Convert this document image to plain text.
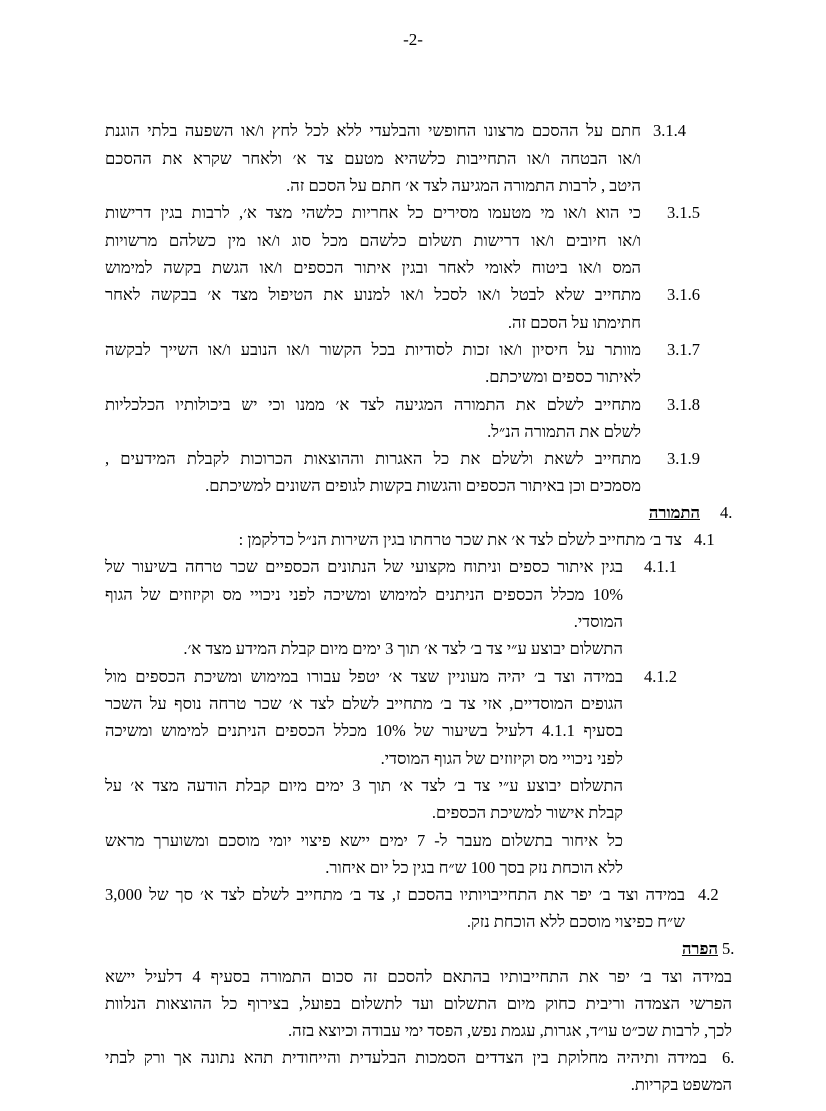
-2-
3.1.4
חתם על ההסכם מרצונו החופשי והבלעדי ללא לכל לחץ ו/או השפעה בלתי הוגנת
ו/או הבטחה ו/או התחייבות כלשהיא מטעם צד א׳ ולאחר שקרא את ההסכם
היטב , לרבות התמורה המגיעה לצד א׳ חתם על הסכם זה.
3.1.5
כי הוא ו/או מי מטעמו מסירים כל אחריות כלשהי מצד א׳, לרבות בגין דרישות
ו/או חיובים ו/או דרישות תשלום כלשהם מכל סוג ו/או מין כשלהם מרשויות
המס ו/או ביטוח לאומי לאחר ובגין איתור הכספים ו/או הגשת בקשה למימוש
3.1.6
מתחייב שלא לבטל ו/או לסכל ו/או למנוע את הטיפול מצד א׳ בבקשה לאחר
חתימתו על הסכם זה.
3.1.7
מוותר על חיסיון ו/או זכות לסודיות בכל הקשור ו/או הנובע ו/או השייך לבקשה
לאיתור כספים ומשיכתם.
3.1.8
מתחייב לשלם את התמורה המגיעה לצד א׳ ממנו וכי יש ביכולותיו הכלכליות
לשלם את התמורה הנ״ל.
3.1.9
מתחייב לשאת ולשלם את כל האגרות וההוצאות הכרוכות לקבלת המידעים ,
מסמכים וכן באיתור הכספים והגשות בקשות לגופים השונים למשיכתם.
4.
התמורה
4.1
צד ב׳ מתחייב לשלם לצד א׳ את שכר טרחתו בגין השירות הנ״ל כדלקמן :
4.1.1
בגין איתור כספים וניתוח מקצועי של הנתונים הכספיים שכר טרחה בשיעור של
10% מכלל הכספים הניתנים למימוש ומשיכה לפני ניכויי מס וקיזוזים של הגוף
המוסדי.
התשלום יבוצע ע״י צד ב׳ לצד א׳ תוך 3 ימים מיום קבלת המידע מצד א׳.
4.1.2
במידה וצד ב׳ יהיה מעוניין שצד א׳ יטפל עבורו במימוש ומשיכת הכספים מול
הגופים המוסדיים, אזי צד ב׳ מתחייב לשלם לצד א׳ שכר טרחה נוסף על השכר
בסעיף 4.1.1 דלעיל בשיעור של 10% מכלל הכספים הניתנים למימוש ומשיכה
לפני ניכויי מס וקיזוזים של הגוף המוסדי.
התשלום יבוצע ע״י צד ב׳ לצד א׳ תוך 3 ימים מיום קבלת הודעה מצד א׳ על
קבלת אישור למשיכת הכספים.
כל איחור בתשלום מעבר ל- 7 ימים יישא פיצוי יומי מוסכם ומשוערך מראש
ללא הוכחת נזק בסך 100 ש״ח בגין כל יום איחור.
4.2
במידה וצד ב׳ יפר את התחייבויותיו בהסכם ז, צד ב׳ מתחייב לשלם לצד א׳ סך של 3,000
ש״ח כפיצוי מוסכם ללא הוכחת נזק.
5.
הפרה
במידה וצד ב׳ יפר את התחייבותיו בהתאם להסכם זה סכום התמורה בסעיף 4 דלעיל יישא
הפרשי הצמדה וריבית כחוק מיום התשלום ועד לתשלום בפועל, בצירוף כל ההוצאות הנלוות
לכך, לרבות שכ״ט עו״ד, אגרות, עגמת נפש, הפסד ימי עבודה וכיוצא בזה.
6.
במידה ותיהיה מחלוקת בין הצדדים הסמכות הבלעדית והייחודית תהא נתונה אך ורק לבתי
המשפט בקריות.
